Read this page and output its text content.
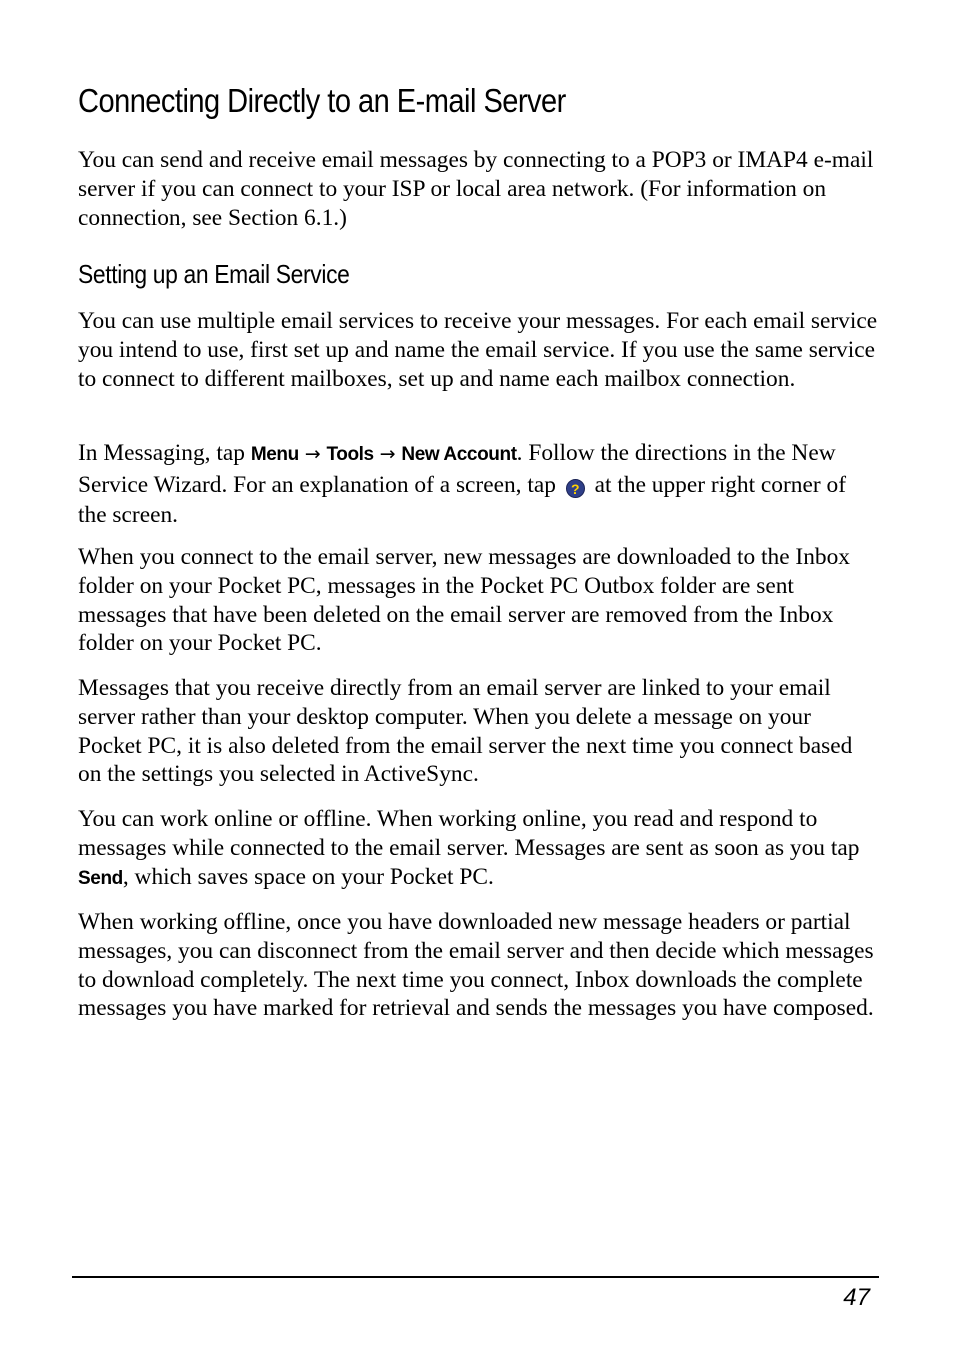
Connecting Directly to an E-mail Server

You can send and receive email messages by connecting to a POP3 or IMAP4 e-mail server if you can connect to your ISP or local area network. (For information on connection, see Section 6.1.)

Setting up an Email Service

You can use multiple email services to receive your messages. For each email service you intend to use, first set up and name the email service. If you use the same service to connect to different mailboxes, set up and name each mailbox connection.

In Messaging, tap Menu → Tools → New Account. Follow the directions in the New Service Wizard. For an explanation of a screen, tap ? at the upper right corner of the screen.

When you connect to the email server, new messages are downloaded to the Inbox folder on your Pocket PC, messages in the Pocket PC Outbox folder are sent messages that have been deleted on the email server are removed from the Inbox folder on your Pocket PC.

Messages that you receive directly from an email server are linked to your email server rather than your desktop computer. When you delete a message on your Pocket PC, it is also deleted from the email server the next time you connect based on the settings you selected in ActiveSync.

You can work online or offline. When working online, you read and respond to messages while connected to the email server. Messages are sent as soon as you tap Send, which saves space on your Pocket PC.

When working offline, once you have downloaded new message headers or partial messages, you can disconnect from the email server and then decide which messages to download completely. The next time you connect, Inbox downloads the complete messages you have marked for retrieval and sends the messages you have composed.

47
